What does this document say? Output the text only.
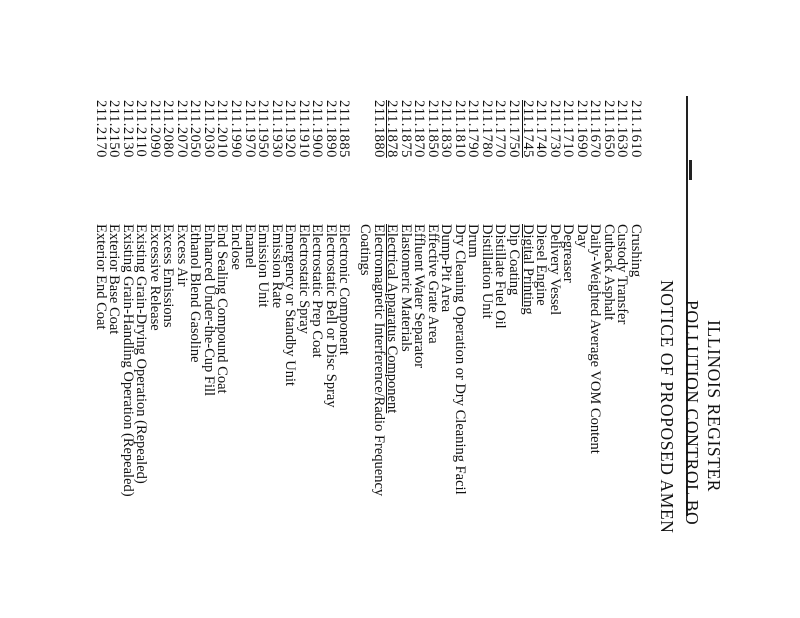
ILLINOIS REGISTER
POLLUTION CONTROL BO
NOTICE OF PROPOSED AMEN
211.1610
Crushing
211.1630
Custody Transfer
211.1650
Cutback Asphalt
211.1670
Daily-Weighted Average VOM Content
211.1690
Day
211.1710
Degreaser
211.1730
Delivery Vessel
211.1740
Diesel Engine
211.1745
Digital Printing
211.1750
Dip Coating
211.1770
Distillate Fuel Oil
211.1780
Distillation Unit
211.1790
Drum
211.1810
Dry Cleaning Operation or Dry Cleaning Facil
211.1830
Dump-Pit Area
211.1850
Effective Grate Area
211.1870
Effluent Water Separator
211.1875
Elastomeric Materials
211.1878
Electrical Apparatus Component
211.1880
Electromagnetic Interference/Radio Frequency
Coatings
211.1885
Electronic Component
211.1890
Electrostatic Bell or Disc Spray
211.1900
Electrostatic Prep Coat
211.1910
Electrostatic Spray
211.1920
Emergency or Standby Unit
211.1930
Emission Rate
211.1950
Emission Unit
211.1970
Enamel
211.1990
Enclose
211.2010
End Sealing Compound Coat
211.2030
Enhanced Under-the-Cup Fill
211.2050
Ethanol Blend Gasoline
211.2070
Excess Air
211.2080
Excess Emissions
211.2090
Excessive Release
211.2110
Existing Grain-Drying Operation (Repealed)
211.2130
Existing Grain-Handling Operation (Repealed)
211.2150
Exterior Base Coat
211.2170
Exterior End Coat
